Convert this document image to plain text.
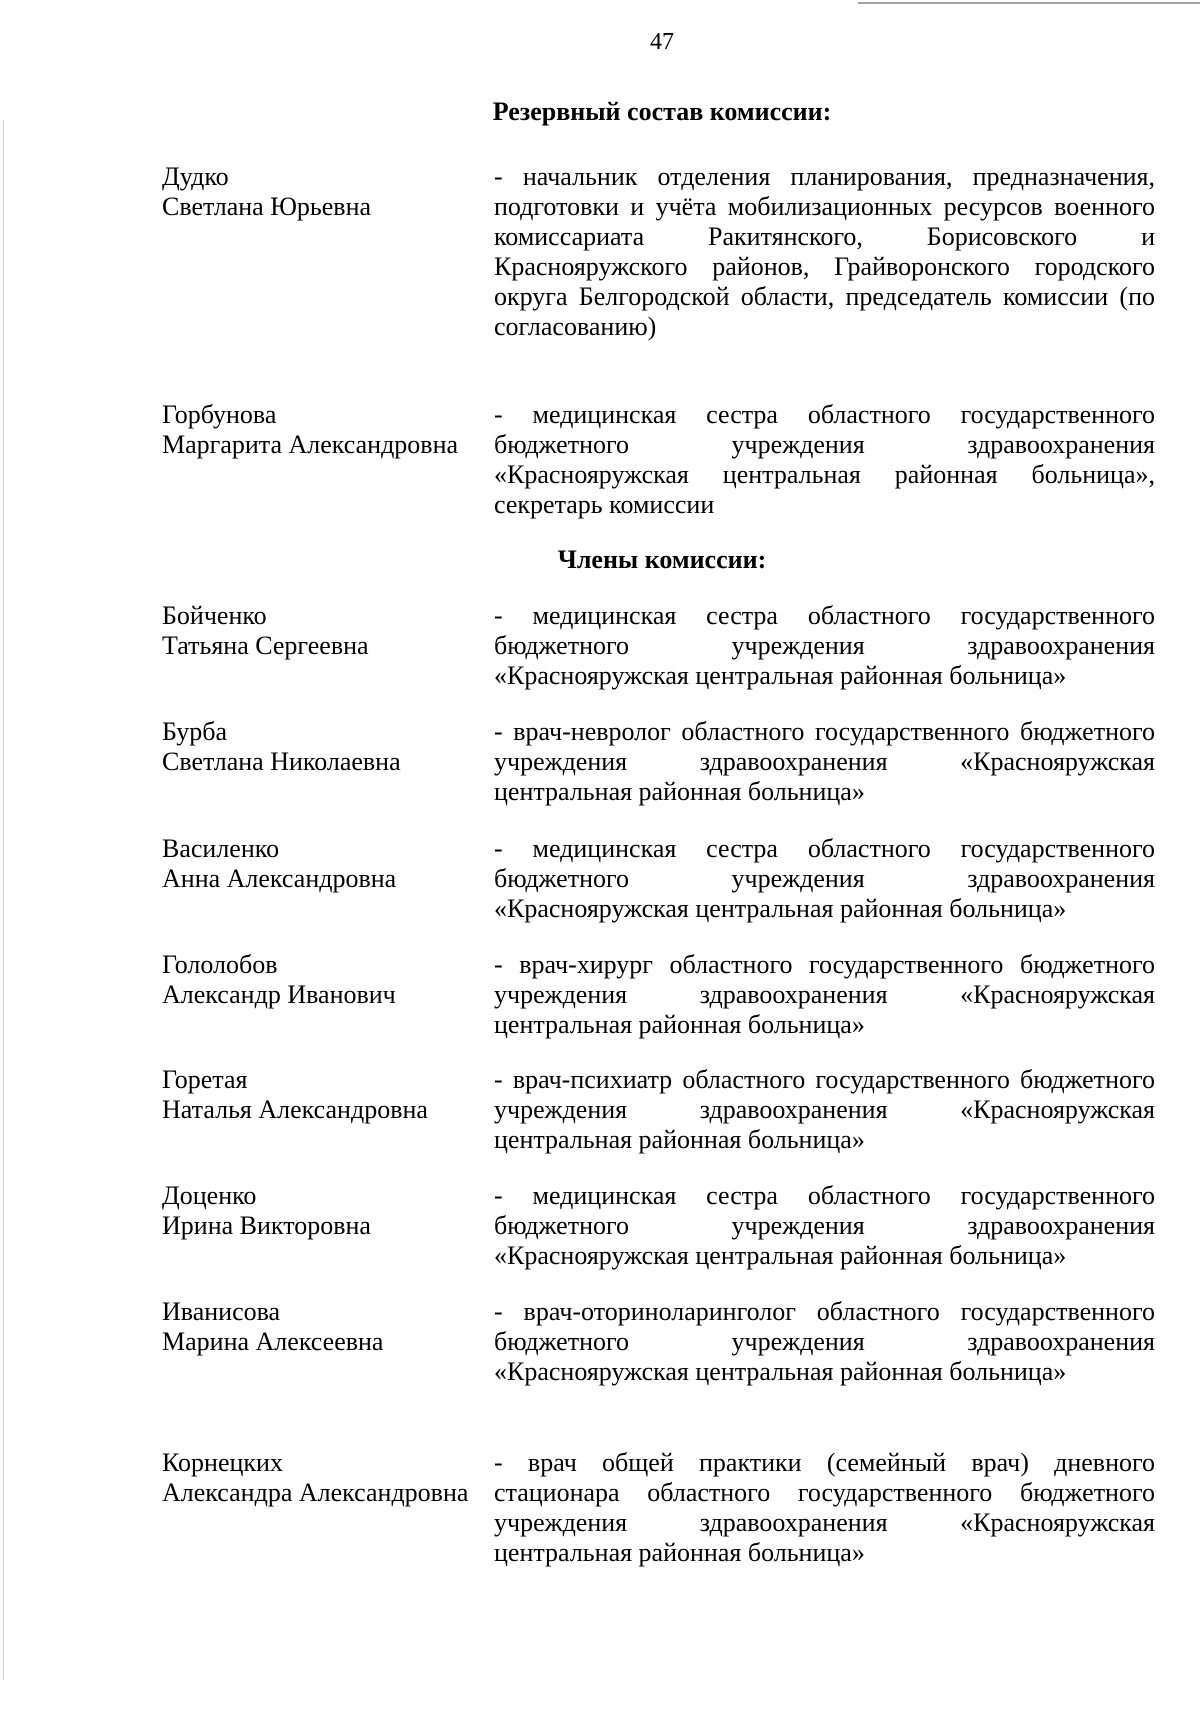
47
Резервный состав комиссии:
Дудко
Светлана Юрьевна
- начальник отделения планирования, предназначения, подготовки и учёта мобилизационных ресурсов военного комиссариата Ракитянского, Борисовского и Краснояружского районов, Грайворонского городского округа Белгородской области, председатель комиссии (по согласованию)
Горбунова
Маргарита Александровна
- медицинская сестра областного государственного бюджетного учреждения здравоохранения «Краснояружская центральная районная больница», секретарь комиссии
Члены комиссии:
Бойченко
Татьяна Сергеевна
- медицинская сестра областного государственного бюджетного учреждения здравоохранения «Краснояружская центральная районная больница»
Бурба
Светлана Николаевна
- врач-невролог областного государственного бюджетного учреждения здравоохранения «Краснояружская центральная районная больница»
Василенко
Анна Александровна
- медицинская сестра областного государственного бюджетного учреждения здравоохранения «Краснояружская центральная районная больница»
Гололобов
Александр Иванович
- врач-хирург областного государственного бюджетного учреждения здравоохранения «Краснояружская центральная районная больница»
Горетая
Наталья Александровна
- врач-психиатр областного государственного бюджетного учреждения здравоохранения «Краснояружская центральная районная больница»
Доценко
Ирина Викторовна
- медицинская сестра областного государственного бюджетного учреждения здравоохранения «Краснояружская центральная районная больница»
Иванисова
Марина Алексеевна
- врач-оториноларинголог областного государственного бюджетного учреждения здравоохранения «Краснояружская центральная районная больница»
Корнецких
Александра Александровна
- врач общей практики (семейный врач) дневного стационара областного государственного бюджетного учреждения здравоохранения «Краснояружская центральная районная больница»
